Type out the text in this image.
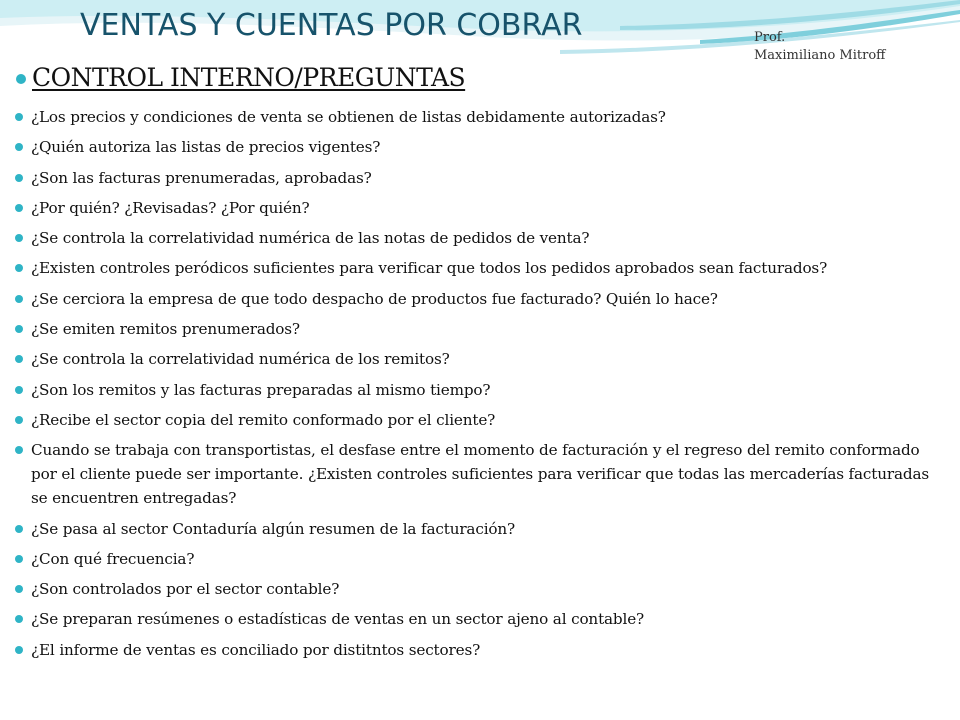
VENTAS Y CUENTAS POR COBRAR	Prof.
Maximiliano Mitroff
CONTROL INTERNO/PREGUNTAS
¿Los precios y condiciones de venta se obtienen de listas debidamente autorizadas?
¿Quién autoriza las listas de precios vigentes?
¿Son las facturas prenumeradas, aprobadas?
¿Por quién? ¿Revisadas? ¿Por quién?
¿Se controla la correlatividad numérica de las notas de pedidos de venta?
¿Existen controles peródicos suficientes para verificar que todos los pedidos aprobados sean facturados?
¿Se cerciora la empresa de que todo despacho de productos fue facturado? Quién lo hace?
¿Se emiten remitos prenumerados?
¿Se controla la correlatividad numérica de los remitos?
¿Son los remitos y las facturas preparadas al mismo tiempo?
¿Recibe el sector copia del remito conformado por el cliente?
Cuando se trabaja con transportistas, el desfase entre el momento de facturación y el regreso del remito conformado por el cliente puede ser importante. ¿Existen controles suficientes para verificar que todas las mercaderías facturadas se encuentren entregadas?
¿Se pasa al sector Contaduría algún resumen de la facturación?
¿Con qué frecuencia?
¿Son controlados por el sector contable?
¿Se preparan resúmenes o estadísticas de ventas en un sector ajeno al contable?
¿El informe de ventas es conciliado por distitntos sectores?
